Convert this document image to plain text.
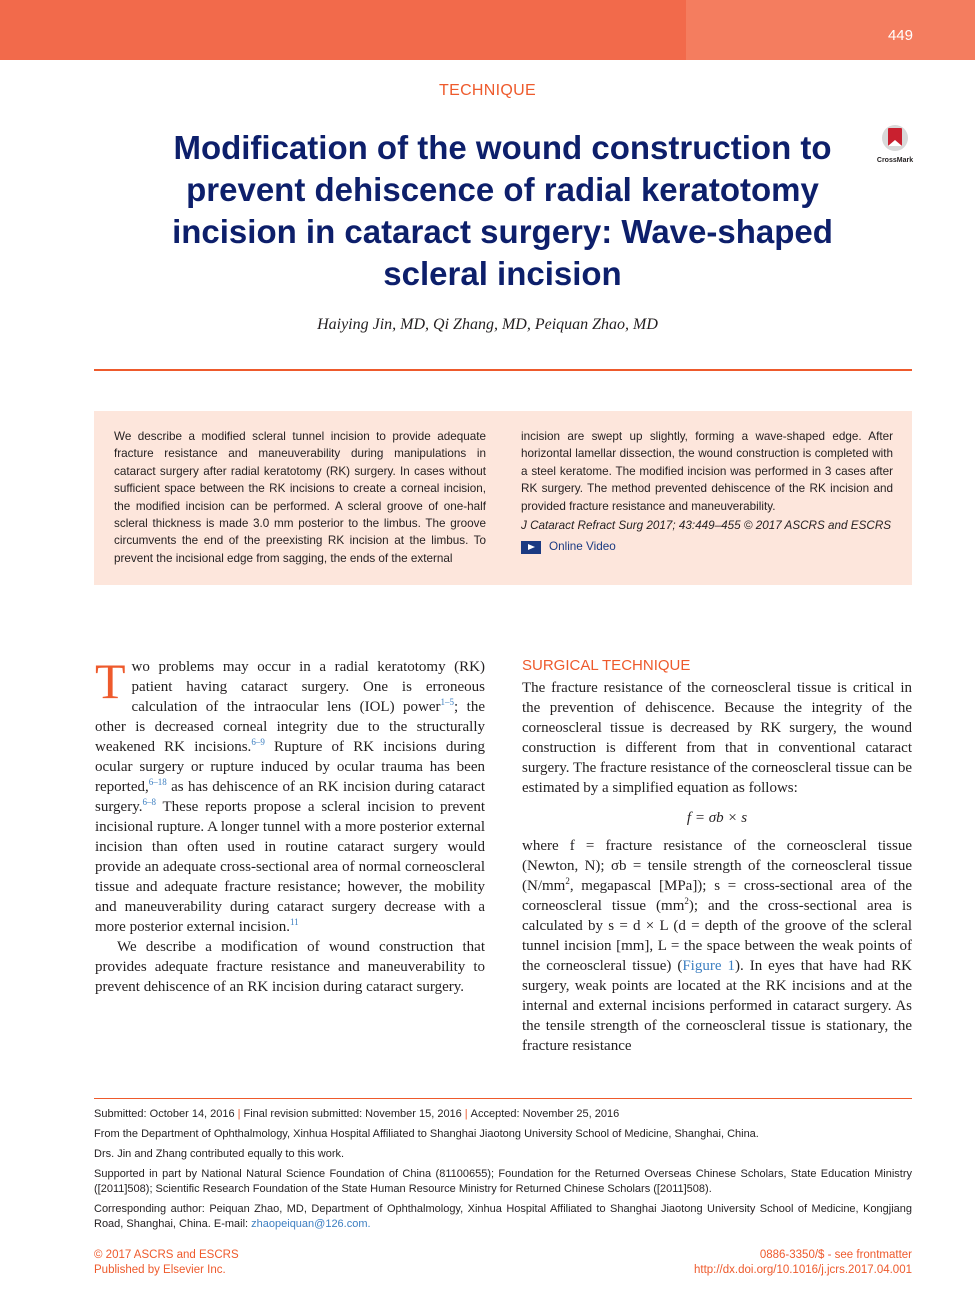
449
TECHNIQUE
Modification of the wound construction to prevent dehiscence of radial keratotomy incision in cataract surgery: Wave-shaped scleral incision
CrossMark
Haiying Jin, MD, Qi Zhang, MD, Peiquan Zhao, MD
We describe a modified scleral tunnel incision to provide adequate fracture resistance and maneuverability during manipulations in cataract surgery after radial keratotomy (RK) surgery. In cases without sufficient space between the RK incisions to create a corneal incision, the modified incision can be performed. A scleral groove of one-half scleral thickness is made 3.0 mm posterior to the limbus. The groove circumvents the end of the preexisting RK incision at the limbus. To prevent the incisional edge from sagging, the ends of the external
incision are swept up slightly, forming a wave-shaped edge. After horizontal lamellar dissection, the wound construction is completed with a steel keratome. The modified incision was performed in 3 cases after RK surgery. The method prevented dehiscence of the RK incision and provided fracture resistance and maneuverability.
J Cataract Refract Surg 2017; 43:449–455 © 2017 ASCRS and ESCRS
Online Video

Two problems may occur in a radial keratotomy (RK) patient having cataract surgery. One is erroneous calculation of the intraocular lens (IOL) power$^{1-5}$; the other is decreased corneal integrity due to the structurally weakened RK incisions.$^{6-9}$ Rupture of RK incisions during ocular surgery or rupture induced by ocular trauma has been reported,$^{6-18}$ as has dehiscence of an RK incision during cataract surgery.$^{6-8}$ These reports propose a scleral incision to prevent incisional rupture. A longer tunnel with a more posterior external incision than often used in routine cataract surgery would provide an adequate cross-sectional area of normal corneoscleral tissue and adequate fracture resistance; however, the mobility and maneuverability during cataract surgery decrease with a more posterior external incision.$^{11}$

We describe a modification of wound construction that provides adequate fracture resistance and maneuverability to prevent dehiscence of an RK incision during cataract surgery.

SURGICAL TECHNIQUE

The fracture resistance of the corneoscleral tissue is critical in the prevention of dehiscence. Because the integrity of the corneoscleral tissue is decreased by RK surgery, the wound construction is different from that in conventional cataract surgery. The fracture resistance of the corneoscleral tissue can be estimated by a simplified equation as follows:

f = σb × s

where f = fracture resistance of the corneoscleral tissue (Newton, N); σb = tensile strength of the corneoscleral tissue ($N/mm^2$, megapascal [MPa]); s = cross-sectional area of the corneoscleral tissue $(mm^2)$; and the cross-sectional area is calculated by s = d × L (d = depth of the groove of the scleral tunnel incision [mm], L = the space between the weak points of the corneoscleral tissue) (Figure 1). In eyes that have had RK surgery, weak points are located at the RK incisions and at the internal and external incisions performed in cataract surgery. As the tensile strength of the corneoscleral tissue is stationary, the fracture resistance

Submitted: October 14, 2016 | Final revision submitted: November 15, 2016 | Accepted: November 25, 2016

From the Department of Ophthalmology, Xinhua Hospital Affiliated to Shanghai Jiaotong University School of Medicine, Shanghai, China.

Drs. Jin and Zhang contributed equally to this work.

Supported in part by National Natural Science Foundation of China (81100655); Foundation for the Returned Overseas Chinese Scholars, State Education Ministry ([2011]508); Scientific Research Foundation of the State Human Resource Ministry for Returned Chinese Scholars ([2011]508).

Corresponding author: Peiquan Zhao, MD, Department of Ophthalmology, Xinhua Hospital Affiliated to Shanghai Jiaotong University School of Medicine, Kongjiang Road, Shanghai, China. E-mail: zhaopeiquan@126.com.

© 2017 ASCRS and ESCRS
Published by Elsevier Inc.
0886-3350/$ - see frontmatter
http://dx.doi.org/10.1016/j.jcrs.2017.04.001
